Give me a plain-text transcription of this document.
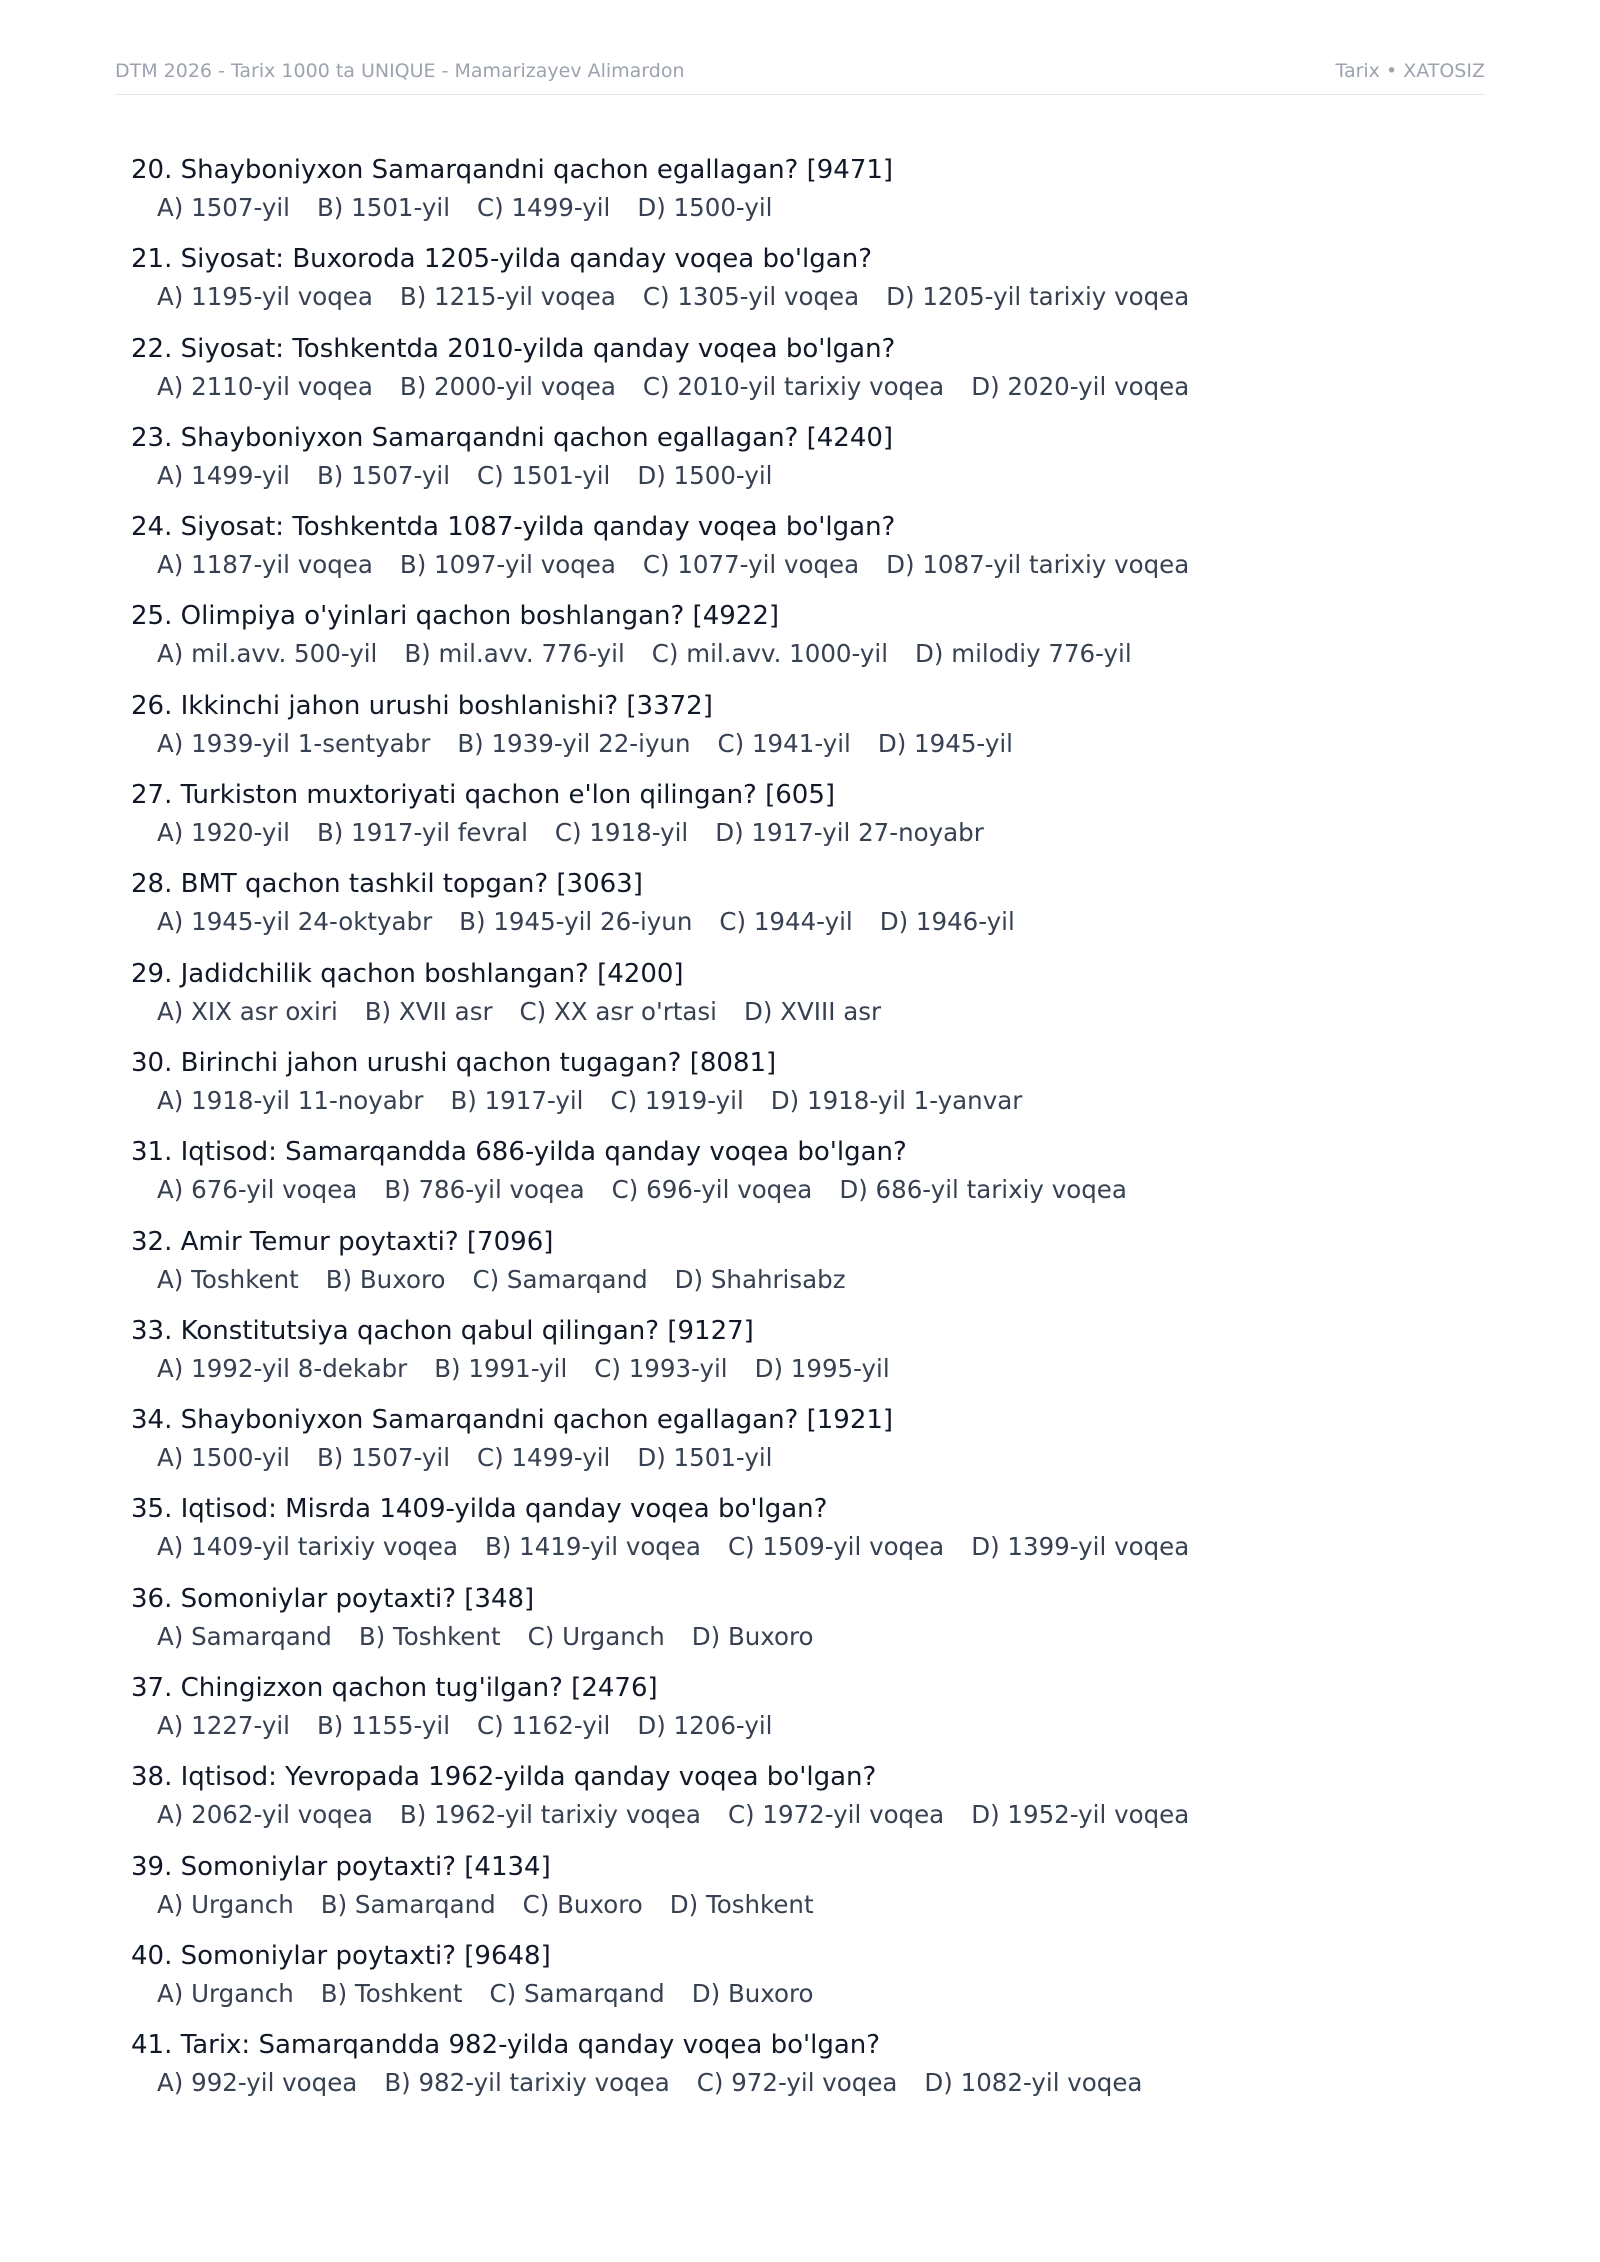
DTM 2026 - Tarix 1000 ta UNIQUE - Mamarizayev Alimardon	Tarix • XATOSIZ
20. Shayboniyxon Samarqandni qachon egallagan? [9471]
A) 1507-yil B) 1501-yil C) 1499-yil D) 1500-yil
21. Siyosat: Buxoroda 1205-yilda qanday voqea bo'lgan?
A) 1195-yil voqea B) 1215-yil voqea C) 1305-yil voqea D) 1205-yil tarixiy voqea
22. Siyosat: Toshkentda 2010-yilda qanday voqea bo'lgan?
A) 2110-yil voqea B) 2000-yil voqea C) 2010-yil tarixiy voqea D) 2020-yil voqea
23. Shayboniyxon Samarqandni qachon egallagan? [4240]
A) 1499-yil B) 1507-yil C) 1501-yil D) 1500-yil
24. Siyosat: Toshkentda 1087-yilda qanday voqea bo'lgan?
A) 1187-yil voqea B) 1097-yil voqea C) 1077-yil voqea D) 1087-yil tarixiy voqea
25. Olimpiya o'yinlari qachon boshlangan? [4922]
A) mil.avv. 500-yil B) mil.avv. 776-yil C) mil.avv. 1000-yil D) milodiy 776-yil
26. Ikkinchi jahon urushi boshlanishi? [3372]
A) 1939-yil 1-sentyabr B) 1939-yil 22-iyun C) 1941-yil D) 1945-yil
27. Turkiston muxtoriyati qachon e'lon qilingan? [605]
A) 1920-yil B) 1917-yil fevral C) 1918-yil D) 1917-yil 27-noyabr
28. BMT qachon tashkil topgan? [3063]
A) 1945-yil 24-oktyabr B) 1945-yil 26-iyun C) 1944-yil D) 1946-yil
29. Jadidchilik qachon boshlangan? [4200]
A) XIX asr oxiri B) XVII asr C) XX asr o'rtasi D) XVIII asr
30. Birinchi jahon urushi qachon tugagan? [8081]
A) 1918-yil 11-noyabr B) 1917-yil C) 1919-yil D) 1918-yil 1-yanvar
31. Iqtisod: Samarqandda 686-yilda qanday voqea bo'lgan?
A) 676-yil voqea B) 786-yil voqea C) 696-yil voqea D) 686-yil tarixiy voqea
32. Amir Temur poytaxti? [7096]
A) Toshkent B) Buxoro C) Samarqand D) Shahrisabz
33. Konstitutsiya qachon qabul qilingan? [9127]
A) 1992-yil 8-dekabr B) 1991-yil C) 1993-yil D) 1995-yil
34. Shayboniyxon Samarqandni qachon egallagan? [1921]
A) 1500-yil B) 1507-yil C) 1499-yil D) 1501-yil
35. Iqtisod: Misrda 1409-yilda qanday voqea bo'lgan?
A) 1409-yil tarixiy voqea B) 1419-yil voqea C) 1509-yil voqea D) 1399-yil voqea
36. Somoniylar poytaxti? [348]
A) Samarqand B) Toshkent C) Urganch D) Buxoro
37. Chingizxon qachon tug'ilgan? [2476]
A) 1227-yil B) 1155-yil C) 1162-yil D) 1206-yil
38. Iqtisod: Yevropada 1962-yilda qanday voqea bo'lgan?
A) 2062-yil voqea B) 1962-yil tarixiy voqea C) 1972-yil voqea D) 1952-yil voqea
39. Somoniylar poytaxti? [4134]
A) Urganch B) Samarqand C) Buxoro D) Toshkent
40. Somoniylar poytaxti? [9648]
A) Urganch B) Toshkent C) Samarqand D) Buxoro
41. Tarix: Samarqandda 982-yilda qanday voqea bo'lgan?
A) 992-yil voqea B) 982-yil tarixiy voqea C) 972-yil voqea D) 1082-yil voqea
